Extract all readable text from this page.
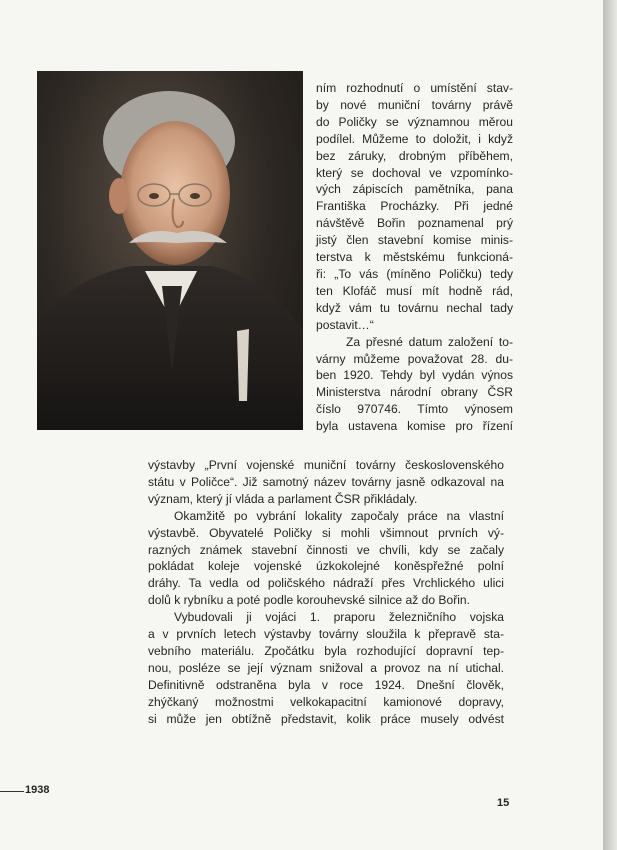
ním rozhodnutí o umístění stav-
by nové muniční továrny právě
do Poličky se významnou měrou
podílel. Můžeme to doložit, i když
bez záruky, drobným příběhem,
který se dochoval ve vzpomínko-
vých zápiscích pamětníka, pana
Františka Procházky. Při jedné
návštěvě Bořin poznamenal prý
jistý člen stavební komise minis-
terstva k městskému funkcioná-
ři: „To vás (míněno Poličku) tedy
ten Klofáč musí mít hodně rád,
když vám tu továrnu nechal tady
postavit…“
Za přesné datum založení to-
várny můžeme považovat 28. du-
ben 1920. Tehdy byl vydán výnos
Ministerstva národní obrany ČSR
číslo 970746. Tímto výnosem
byla ustavena komise pro řízení
výstavby „První vojenské muniční továrny československého
státu v Poličce“. Již samotný název továrny jasně odkazoval na
význam, který jí vláda a parlament ČSR přikládaly.
Okamžitě po vybrání lokality započaly práce na vlastní
výstavbě. Obyvatelé Poličky si mohli všimnout prvních vý-
razných známek stavební činnosti ve chvíli, kdy se začaly
pokládat koleje vojenské úzkokolejné koněspřežné polní
dráhy. Ta vedla od poličského nádraží přes Vrchlického ulici
dolů k rybníku a poté podle korouhevské silnice až do Bořin.
Vybudovali ji vojáci 1. praporu železničního vojska
a v prvních letech výstavby továrny sloužila k přepravě sta-
vebního materiálu. Zpočátku byla rozhodující dopravní tep-
nou, posléze se její význam snižoval a provoz na ní utichal.
Definitivně odstraněna byla v roce 1924. Dnešní člověk,
zhýčkaný možnostmi velkokapacitní kamionové dopravy,
si může jen obtížně představit, kolik práce musely odvést
1938
15
